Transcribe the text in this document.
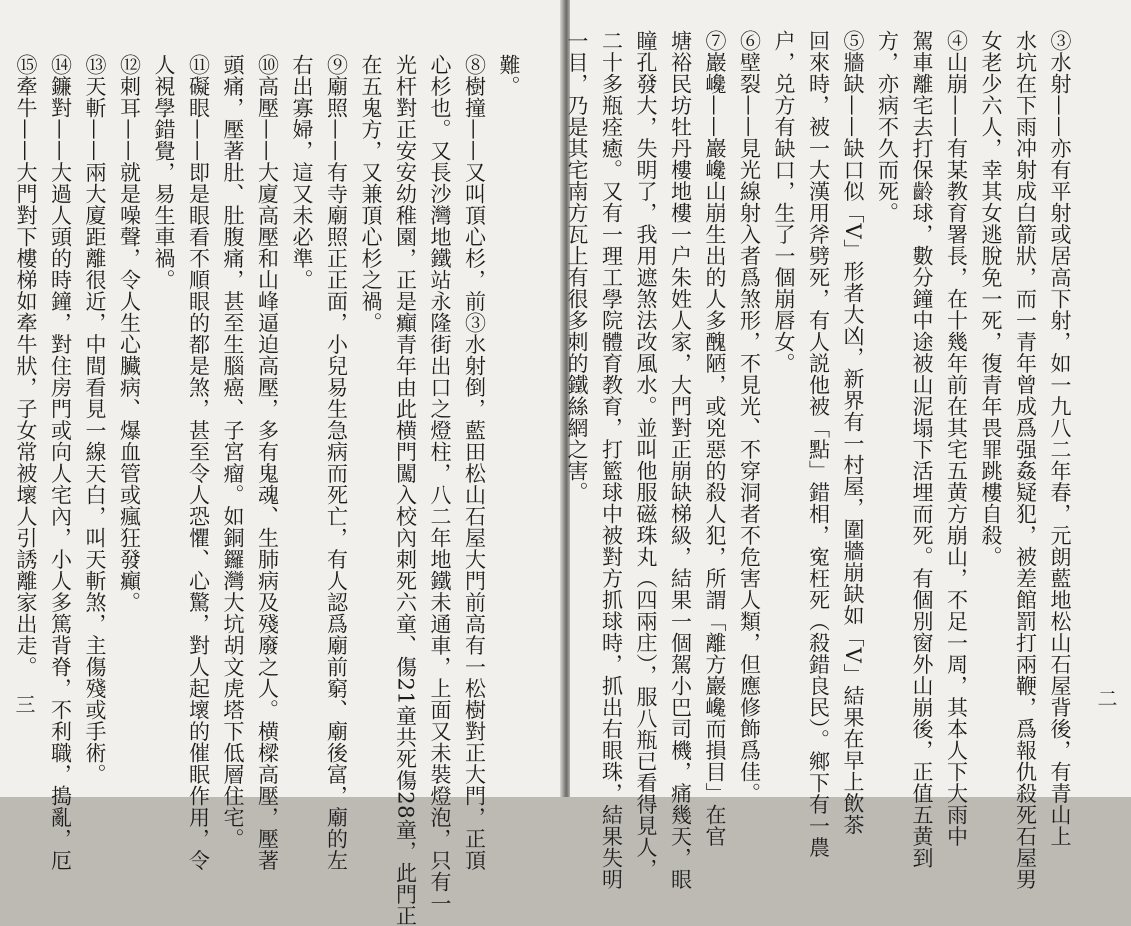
難。
⑧樹撞——又叫頂心杉，前③水射倒，藍田松山石屋大門前高有一松樹對正大門，正頂
心杉也。又長沙灣地鐵站永隆街出口之燈柱，八二年地鐵未通車，上面又未裝燈泡，只有一
光杆對正安安幼稚園，正是癲青年由此横門闖入校內刺死六童、傷21童共死傷28童，此門正
在五鬼方，又兼頂心杉之禍。
⑨廟照——有寺廟照正正面，小兒易生急病而死亡，有人認爲廟前窮、廟後富，廟的左
右出寡婦，這又未必準。
⑩高壓——大廈高壓和山峰逼迫高壓，多有鬼魂、生肺病及殘廢之人。横樑高壓，壓著
頭痛，壓著肚、肚腹痛，甚至生腦癌、子宮瘤。如銅鑼灣大坑胡文虎塔下低層住宅。
⑪礙眼——即是眼看不順眼的都是煞，甚至令人恐懼、心驚，對人起壞的催眠作用，令
人視學錯覺，易生車禍。
⑫刺耳——就是噪聲，令人生心臟病、爆血管或瘋狂發癲。
⑬天斬——兩大廈距離很近，中間看見一線天白，叫天斬煞，主傷殘或手術。
⑭鐮對——大過人頭的時鐘，對住房門或向人宅內，小人多篤背脊，不利職，搗亂，厄
⑮牽牛——大門對下樓梯如牽牛狀，子女常被壞人引誘離家出走。
三	③水射——亦有平射或居高下射，如一九八二年春，元朗藍地松山石屋背後，有青山上
水坑在下雨冲射成白箭狀，而一青年曾成爲强姦疑犯，被差館罰打兩鞭，爲報仇殺死石屋男
女老少六人，幸其女逃脫免一死，復青年畏罪跳樓自殺。
④山崩——有某教育署長，在十幾年前在其宅五黄方崩山，不足一周，其本人下大雨中
駕車離宅去打保齡球，數分鐘中途被山泥塌下活埋而死。有個別窗外山崩後，正值五黄到
方，亦病不久而死。
⑤牆缺——缺口似「V」形者大凶，新界有一村屋，圍牆崩缺如「V」結果在早上飲茶
回來時，被一大漢用斧劈死，有人説他被「點」錯相，寃枉死（殺錯良民）。鄉下有一農
户，兑方有缺口，生了一個崩唇女。
⑥壁裂——見光線射入者爲煞形，不見光、不穿洞者不危害人類，但應修飾爲佳。
⑦巖巉——巖巉山崩生出的人多醜陋，或兇惡的殺人犯，所謂「離方巖巉而損目」在官
塘裕民坊牡丹樓地樓一户朱姓人家，大門對正崩缺梯級，結果一個駕小巴司機，痛幾天，眼
瞳孔發大，失明了，我用遮煞法改風水。並叫他服磁珠丸（四兩庄），服八瓶已看得見人，
二十多瓶痊癒。又有一理工學院體育教育，打籃球中被對方抓球時，抓出右眼珠，結果失明
一目，乃是其宅南方瓦上有很多刺的鐵絲網之害。
二
